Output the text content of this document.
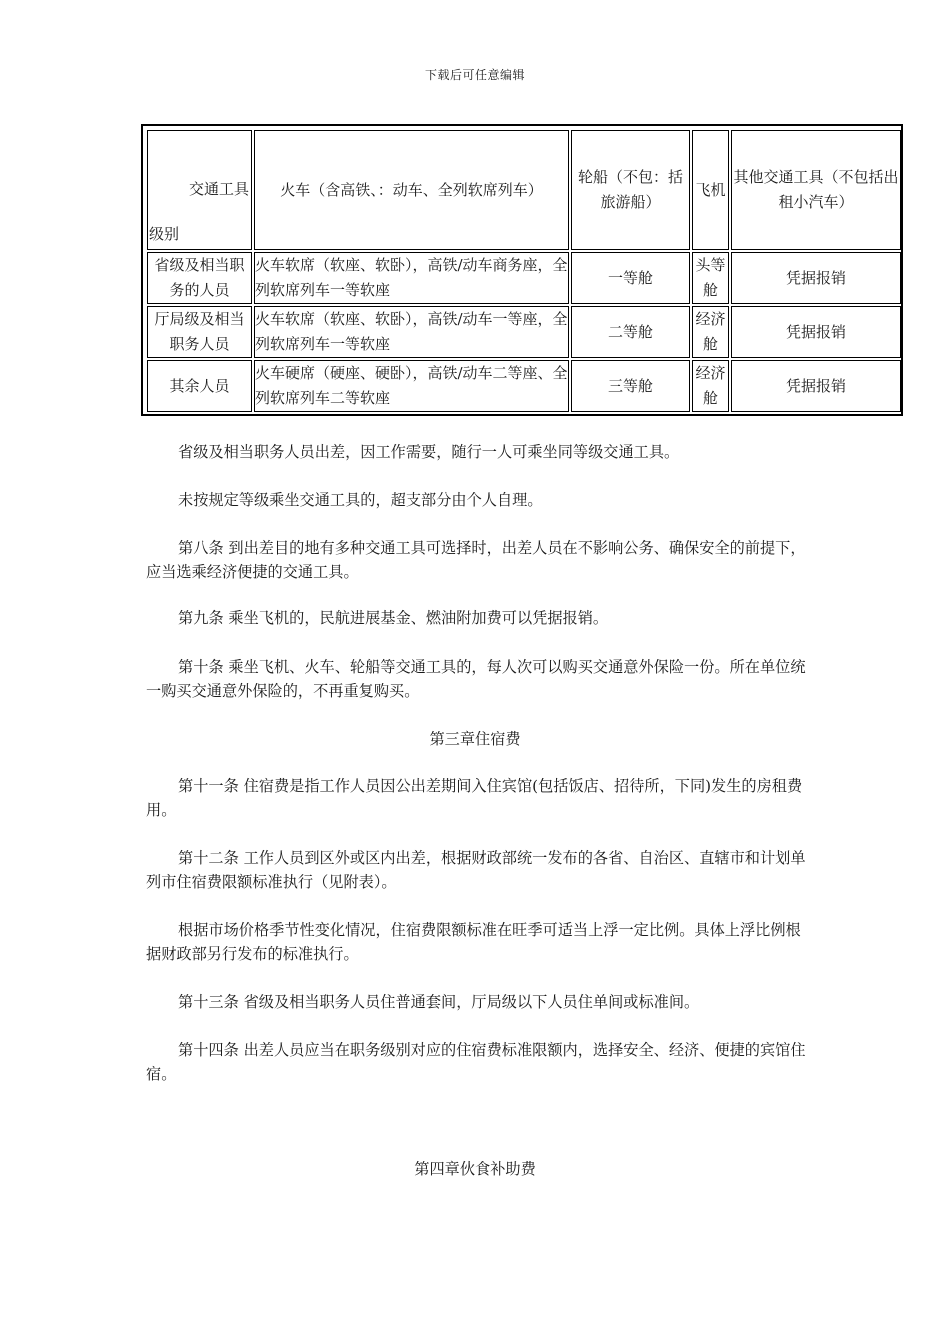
下载后可任意编辑
交通工具
级别	火车（含高铁、：动车、全列软席列车）	轮船（不包：括旅游船）	飞机	其他交通工具（不包括出租小汽车）
省级及相当职务的人员	火车软席（软座、软卧），高铁/动车商务座，全列软席列车一等软座	一等舱	头等舱	凭据报销
厅局级及相当职务人员	火车软席（软座、软卧），高铁/动车一等座，全列软席列车一等软座	二等舱	经济舱	凭据报销
其余人员	火车硬席（硬座、硬卧），高铁/动车二等座、全列软席列车二等软座	三等舱	经济舱	凭据报销

省级及相当职务人员出差，因工作需要，随行一人可乘坐同等级交通工具。

未按规定等级乘坐交通工具的，超支部分由个人自理。

第八条 到出差目的地有多种交通工具可选择时，出差人员在不影响公务、确保安全的前提下，应当选乘经济便捷的交通工具。

第九条 乘坐飞机的，民航进展基金、燃油附加费可以凭据报销。

第十条 乘坐飞机、火车、轮船等交通工具的，每人次可以购买交通意外保险一份。所在单位统一购买交通意外保险的，不再重复购买。

第三章住宿费

第十一条 住宿费是指工作人员因公出差期间入住宾馆(包括饭店、招待所，下同)发生的房租费用。

第十二条 工作人员到区外或区内出差，根据财政部统一发布的各省、自治区、直辖市和计划单列市住宿费限额标准执行（见附表）。

根据市场价格季节性变化情况，住宿费限额标准在旺季可适当上浮一定比例。具体上浮比例根据财政部另行发布的标准执行。

第十三条 省级及相当职务人员住普通套间，厅局级以下人员住单间或标准间。

第十四条 出差人员应当在职务级别对应的住宿费标准限额内，选择安全、经济、便捷的宾馆住宿。

第四章伙食补助费
